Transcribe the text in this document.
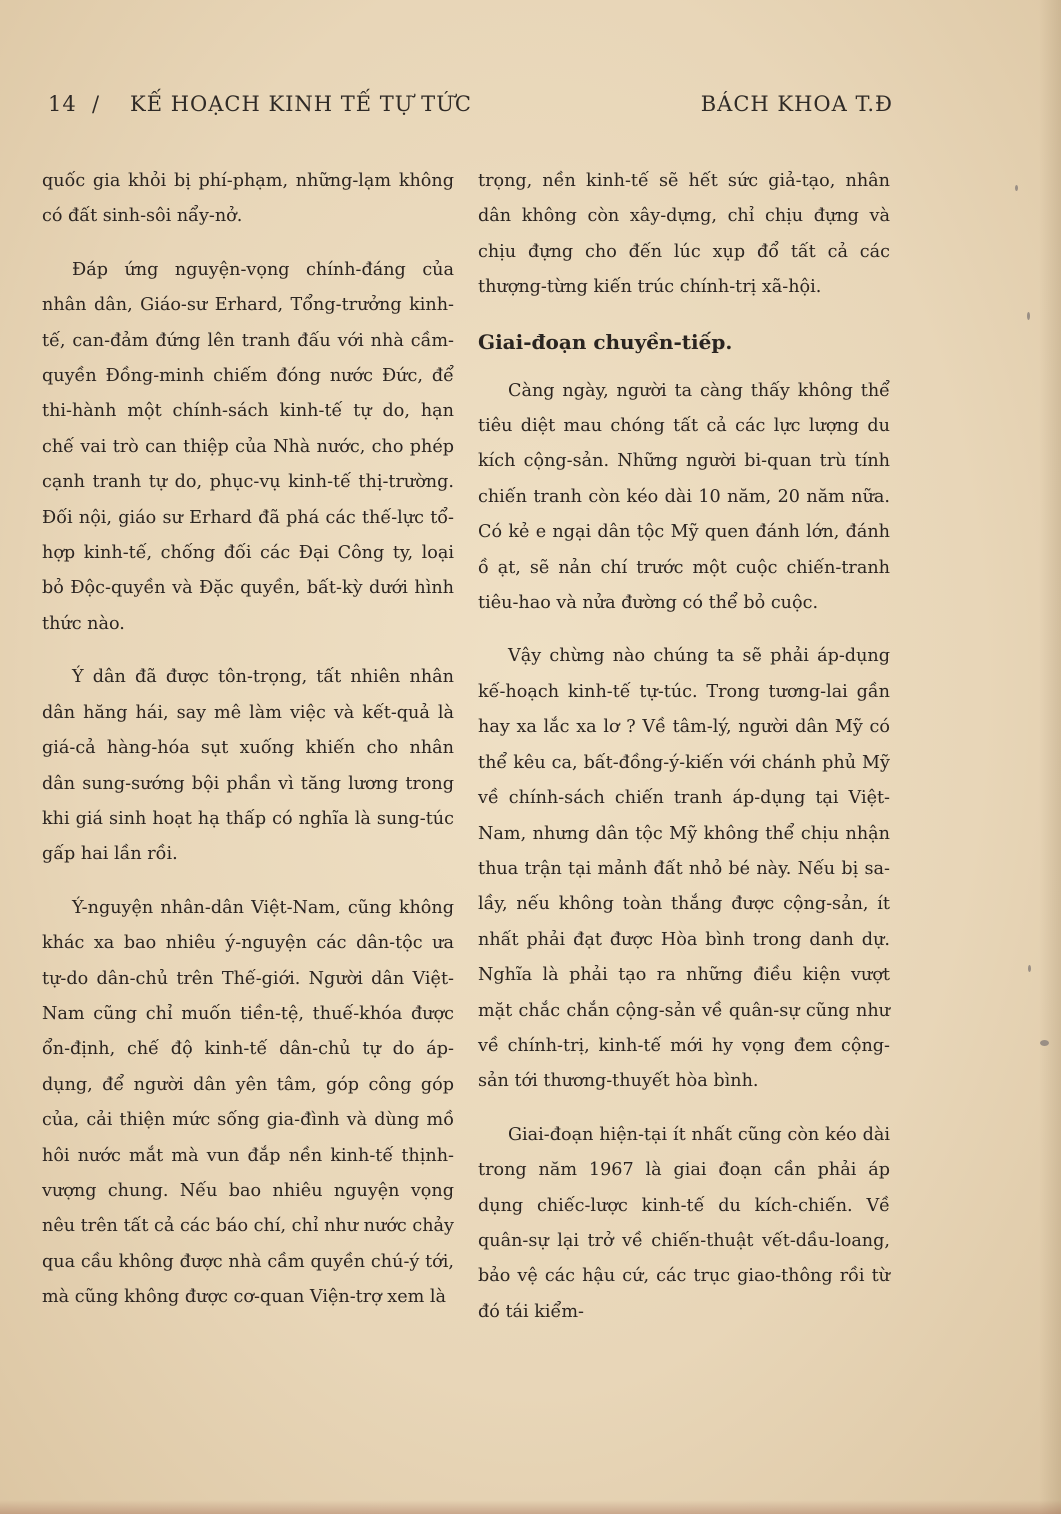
14 / KẾ HOẠCH KINH TẾ TỰ TỨC	BÁCH KHOA T.Đ

quốc gia khỏi bị phí-phạm, những-lạm không có đất sinh-sôi nẩy-nở.

Đáp ứng nguyện-vọng chính-đáng của nhân dân, Giáo-sư Erhard, Tổng-trưởng kinh-tế, can-đảm đứng lên tranh đấu với nhà cầm-quyền Đồng-minh chiếm đóng nước Đức, để thi-hành một chính-sách kinh-tế tự do, hạn chế vai trò can thiệp của Nhà nước, cho phép cạnh tranh tự do, phục-vụ kinh-tế thị-trường. Đối nội, giáo sư Erhard đã phá các thế-lực tổ-hợp kinh-tế, chống đối các Đại Công ty, loại bỏ Độc-quyền và Đặc quyền, bất-kỳ dưới hình thức nào.

Ý dân đã được tôn-trọng, tất nhiên nhân dân hăng hái, say mê làm việc và kết-quả là giá-cả hàng-hóa sụt xuống khiến cho nhân dân sung-sướng bội phần vì tăng lương trong khi giá sinh hoạt hạ thấp có nghĩa là sung-túc gấp hai lần rồi.

Ý-nguyện nhân-dân Việt-Nam, cũng không khác xa bao nhiêu ý-nguyện các dân-tộc ưa tự-do dân-chủ trên Thế-giới. Người dân Việt-Nam cũng chỉ muốn tiền-tệ, thuế-khóa được ổn-định, chế độ kinh-tế dân-chủ tự do áp-dụng, để người dân yên tâm, góp công góp của, cải thiện mức sống gia-đình và dùng mồ hôi nước mắt mà vun đắp nền kinh-tế thịnh-vượng chung. Nếu bao nhiêu nguyện vọng nêu trên tất cả các báo chí, chỉ như nước chảy qua cầu không được nhà cầm quyền chú-ý tới, mà cũng không được cơ-quan Viện-trợ xem là

trọng, nền kinh-tế sẽ hết sức giả-tạo, nhân dân không còn xây-dựng, chỉ chịu đựng và chịu đựng cho đến lúc xụp đổ tất cả các thượng-từng kiến trúc chính-trị xã-hội.

Giai-đoạn chuyền-tiếp.

Càng ngày, người ta càng thấy không thể tiêu diệt mau chóng tất cả các lực lượng du kích cộng-sản. Những người bi-quan trù tính chiến tranh còn kéo dài 10 năm, 20 năm nữa. Có kẻ e ngại dân tộc Mỹ quen đánh lớn, đánh ồ ạt, sẽ nản chí trước một cuộc chiến-tranh tiêu-hao và nửa đường có thể bỏ cuộc.

Vậy chừng nào chúng ta sẽ phải áp-dụng kế-hoạch kinh-tế tự-túc. Trong tương-lai gần hay xa lắc xa lơ ? Về tâm-lý, người dân Mỹ có thể kêu ca, bất-đồng-ý-kiến với chánh phủ Mỹ về chính-sách chiến tranh áp-dụng tại Việt-Nam, nhưng dân tộc Mỹ không thể chịu nhận thua trận tại mảnh đất nhỏ bé này. Nếu bị sa-lầy, nếu không toàn thắng được cộng-sản, ít nhất phải đạt được Hòa bình trong danh dự. Nghĩa là phải tạo ra những điều kiện vượt mặt chắc chắn cộng-sản về quân-sự cũng như về chính-trị, kinh-tế mới hy vọng đem cộng-sản tới thương-thuyết hòa bình.

Giai-đoạn hiện-tại ít nhất cũng còn kéo dài trong năm 1967 là giai đoạn cần phải áp dụng chiếc-lược kinh-tế du kích-chiến. Về quân-sự lại trở về chiến-thuật vết-dầu-loang, bảo vệ các hậu cứ, các trục giao-thông rồi từ đó tái kiểm-
